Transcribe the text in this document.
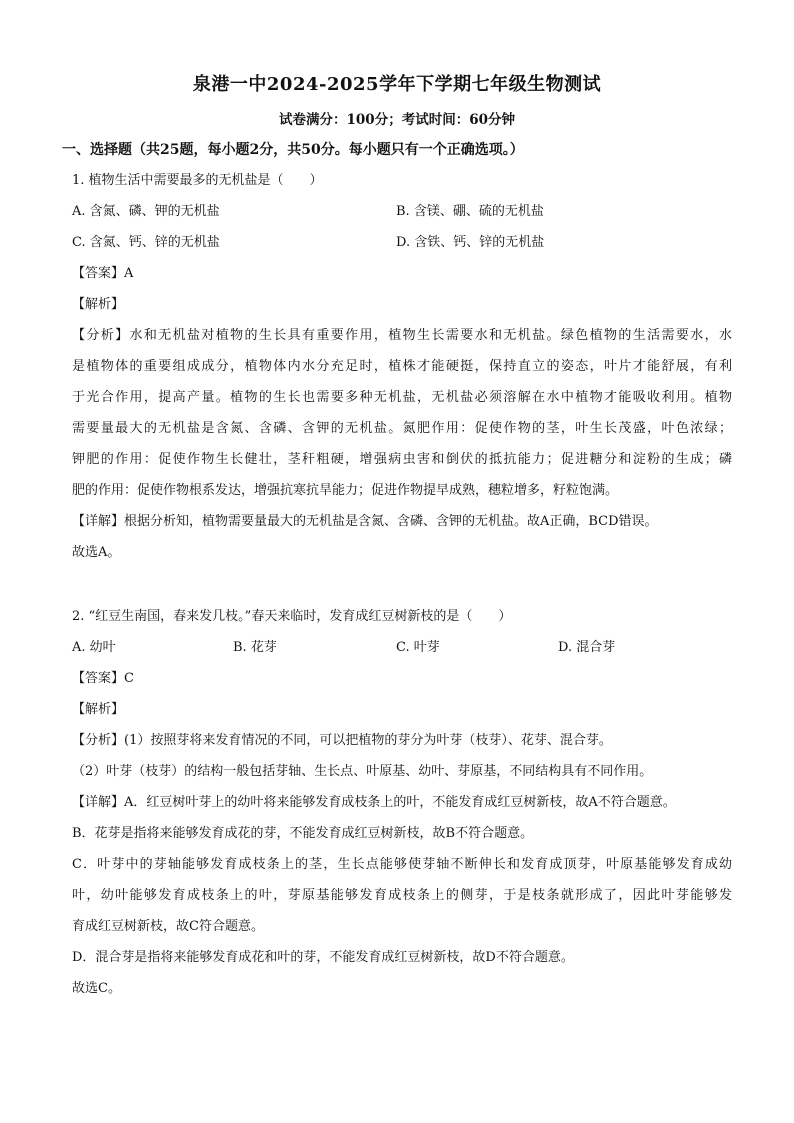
泉港一中2024-2025学年下学期七年级生物测试
试卷满分：100分；考试时间：60分钟
一、选择题（共25题，每小题2分，共50分。每小题只有一个正确选项。）
1. 植物生活中需要最多的无机盐是（　　）
A. 含氮、磷、钾的无机盐	B. 含镁、硼、硫的无机盐
C. 含氮、钙、锌的无机盐	D. 含铁、钙、锌的无机盐
【答案】A
【解析】
【分析】水和无机盐对植物的生长具有重要作用，植物生长需要水和无机盐。绿色植物的生活需要水，水
是植物体的重要组成成分，植物体内水分充足时，植株才能硬挺，保持直立的姿态，叶片才能舒展，有利
于光合作用，提高产量。植物的生长也需要多种无机盐，无机盐必须溶解在水中植物才能吸收利用。植物
需要量最大的无机盐是含氮、含磷、含钾的无机盐。氮肥作用：促使作物的茎，叶生长茂盛，叶色浓绿；
钾肥的作用：促使作物生长健壮，茎秆粗硬，增强病虫害和倒伏的抵抗能力；促进糖分和淀粉的生成；磷
肥的作用：促使作物根系发达，增强抗寒抗旱能力；促进作物提早成熟，穗粒增多，籽粒饱满。
【详解】根据分析知，植物需要量最大的无机盐是含氮、含磷、含钾的无机盐。故A正确，BCD错误。
故选A。
2. “红豆生南国，春来发几枝。”春天来临时，发育成红豆树新枝的是（　　）
A. 幼叶	B. 花芽	C. 叶芽	D. 混合芽
【答案】C
【解析】
【分析】(1）按照芽将来发育情况的不同，可以把植物的芽分为叶芽（枝芽）、花芽、混合芽。
（2）叶芽（枝芽）的结构一般包括芽轴、生长点、叶原基、幼叶、芽原基，不同结构具有不同作用。
【详解】A．红豆树叶芽上的幼叶将来能够发育成枝条上的叶，不能发育成红豆树新枝，故A不符合题意。
B．花芽是指将来能够发育成花的芽，不能发育成红豆树新枝，故B不符合题意。
C．叶芽中的芽轴能够发育成枝条上的茎，生长点能够使芽轴不断伸长和发育成顶芽，叶原基能够发育成幼
叶，幼叶能够发育成枝条上的叶，芽原基能够发育成枝条上的侧芽，于是枝条就形成了，因此叶芽能够发
育成红豆树新枝，故C符合题意。
D．混合芽是指将来能够发育成花和叶的芽，不能发育成红豆树新枝，故D不符合题意。
故选C。
